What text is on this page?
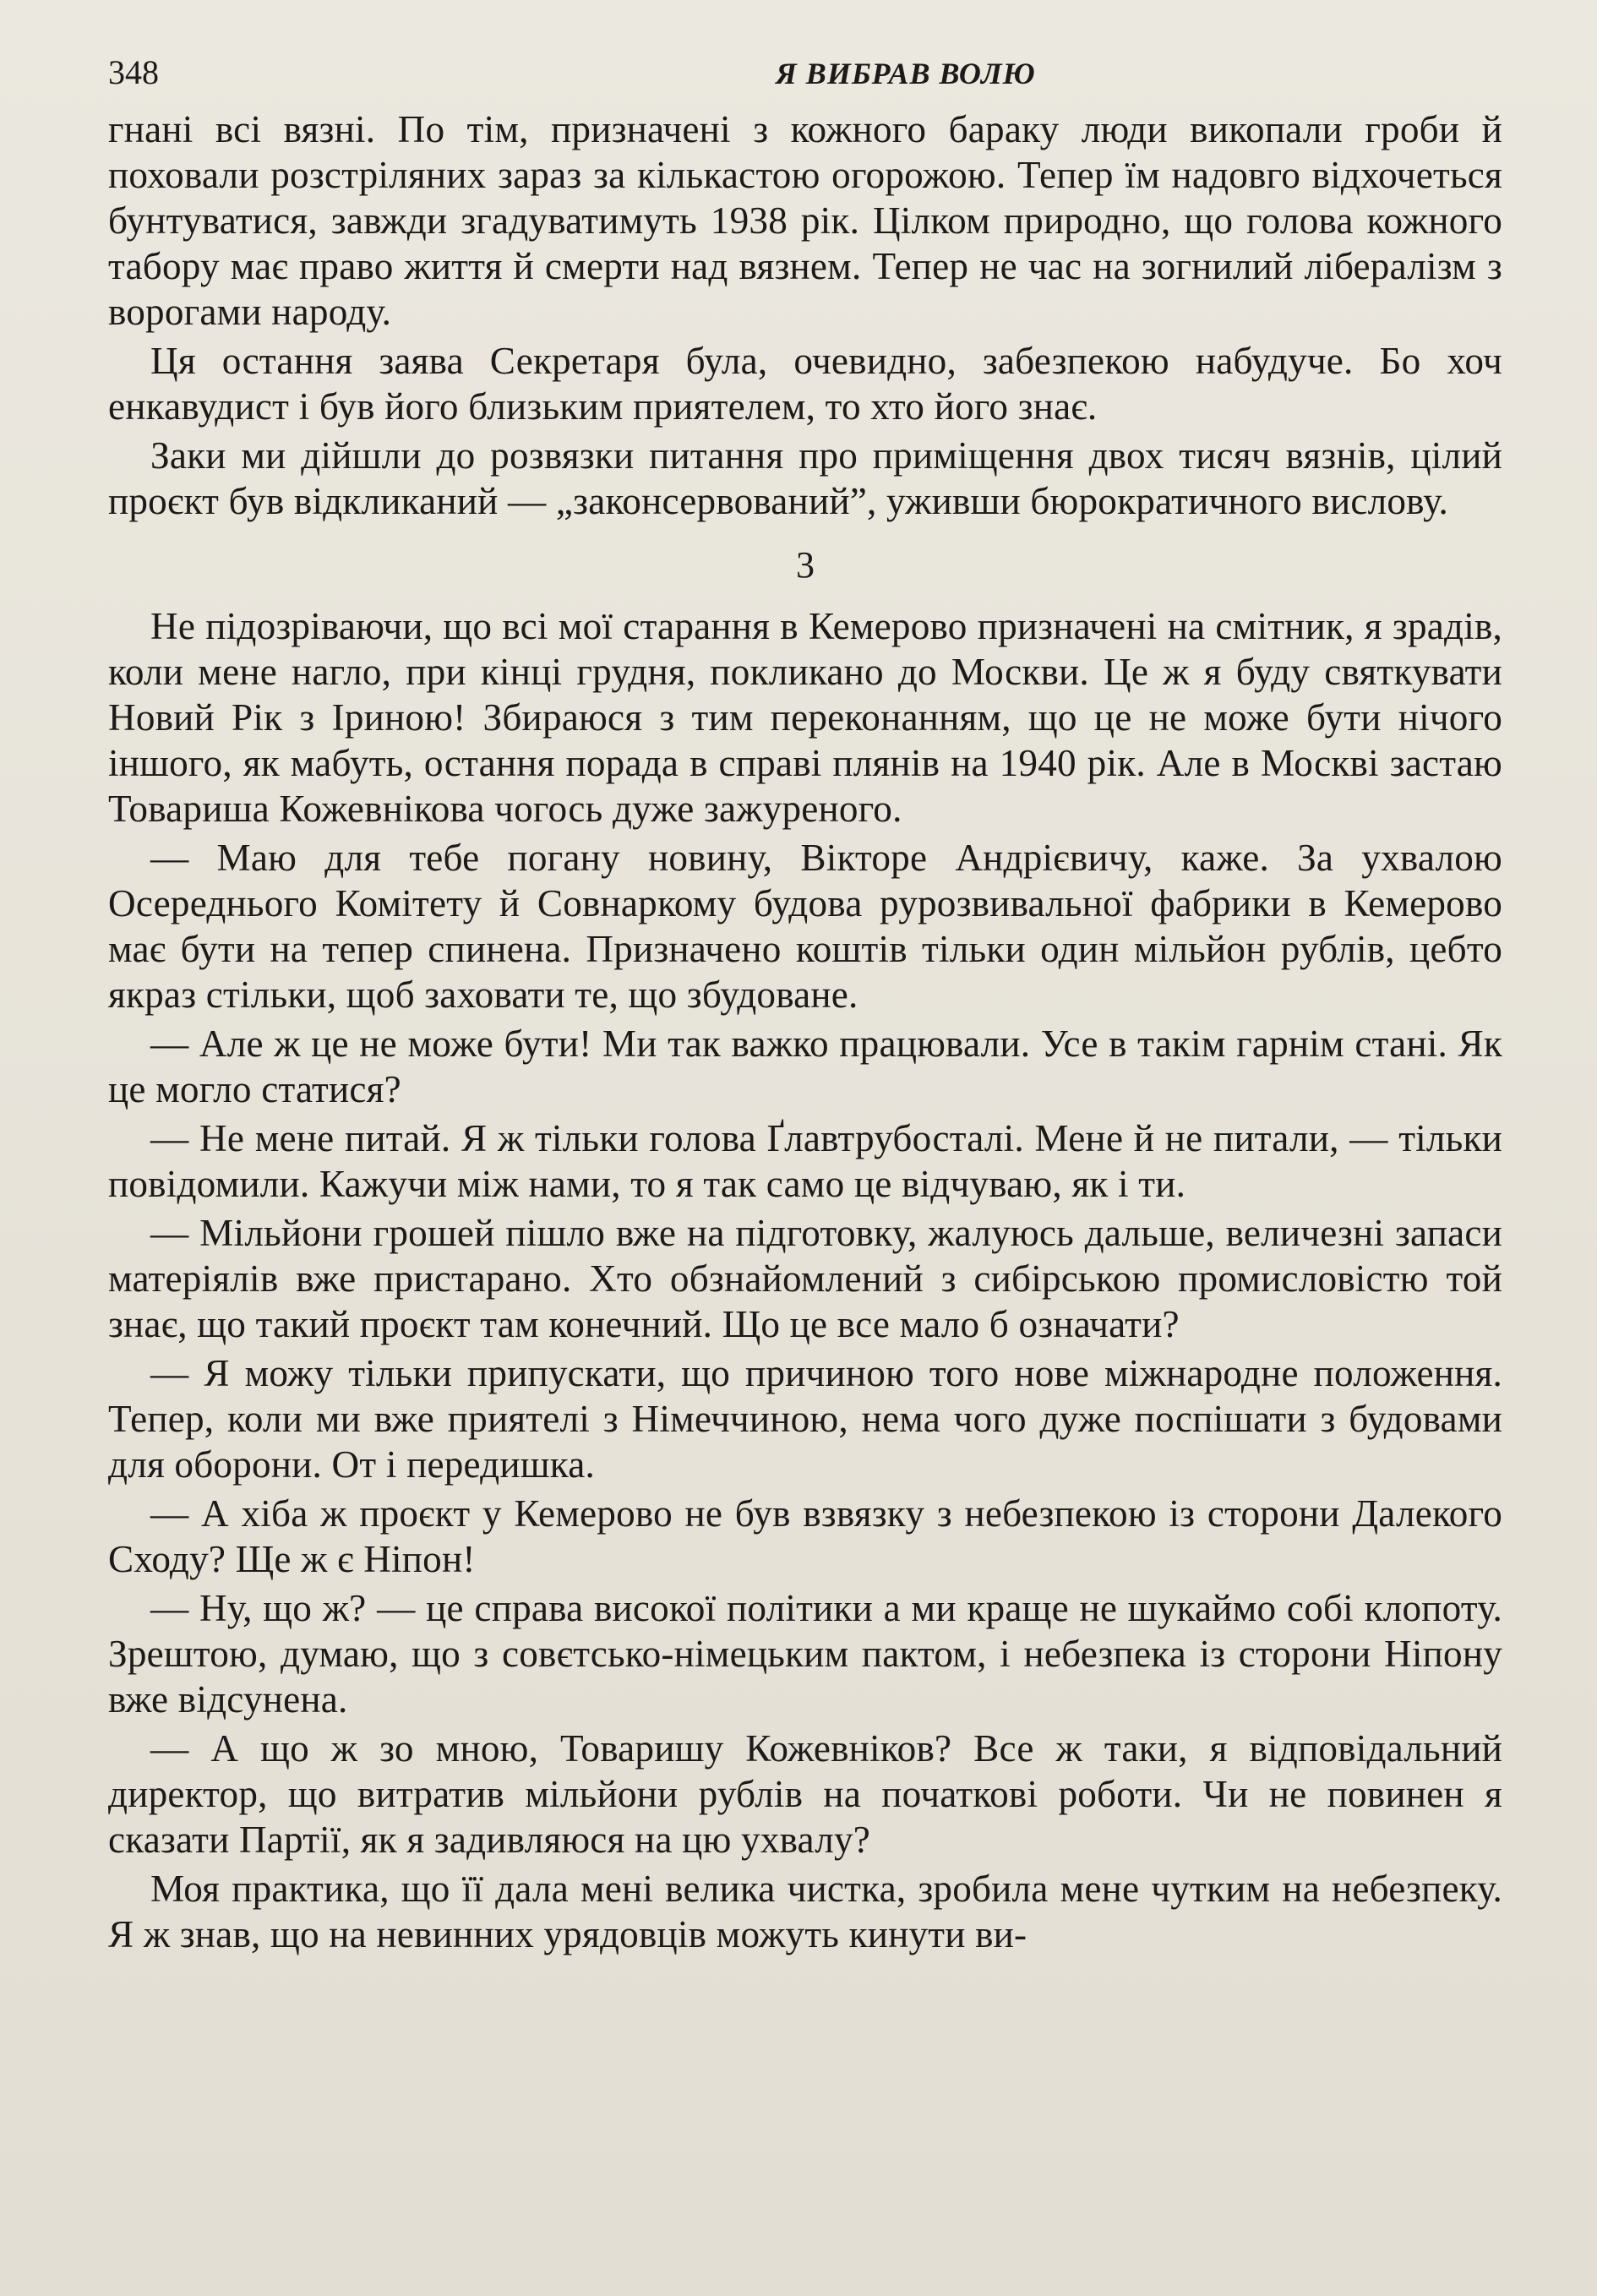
348	Я ВИБРАВ ВОЛЮ

гнані всі вязні. По тім, призначені з кожного бараку люди викопали гроби й поховали розстріляних зараз за кількастою огорожою. Тепер їм надовго відхочеться бунтуватися, завжди згадуватимуть 1938 рік. Цілком природно, що голова кожного табору має право життя й смерти над вязнем. Тепер не час на зогнилий лібералізм з ворогами народу.

Ця остання заява Секретаря була, очевидно, забезпекою набудуче. Бо хоч енкавудист і був його близьким приятелем, то хто його знає.

Заки ми дійшли до розвязки питання про приміщення двох тисяч вязнів, цілий проєкт був відкликаний — „законсервований”, уживши бюрократичного вислову.

3

Не підозріваючи, що всі мої старання в Кемерово призначені на смітник, я зрадів, коли мене нагло, при кінці грудня, покликано до Москви. Це ж я буду святкувати Новий Рік з Іриною! Збираюся з тим переконанням, що це не може бути нічого іншого, як мабуть, остання порада в справі плянів на 1940 рік. Але в Москві застаю Товариша Кожевнікова чогось дуже зажуреного.

— Маю для тебе погану новину, Вікторе Андрієвичу, каже. За ухвалою Осереднього Комітету й Совнаркому будова рурозвивальної фабрики в Кемерово має бути на тепер спинена. Призначено коштів тільки один мільйон рублів, цебто якраз стільки, щоб заховати те, що збудоване.

— Але ж це не може бути! Ми так важко працювали. Усе в такім гарнім стані. Як це могло статися?

— Не мене питай. Я ж тільки голова Ґлавтрубосталі. Мене й не питали, — тільки повідомили. Кажучи між нами, то я так само це відчуваю, як і ти.

— Мільйони грошей пішло вже на підготовку, жалуюсь дальше, величезні запаси матеріялів вже пристарано. Хто обзнайомлений з сибірською промисловістю той знає, що такий проєкт там конечний. Що це все мало б означати?

— Я можу тільки припускати, що причиною того нове міжнародне положення. Тепер, коли ми вже приятелі з Німеччиною, нема чого дуже поспішати з будовами для оборони. От і передишка.

— А хіба ж проєкт у Кемерово не був взвязку з небезпекою із сторони Далекого Сходу? Ще ж є Ніпон!

— Ну, що ж? — це справа високої політики а ми краще не шукаймо собі клопоту. Зрештою, думаю, що з совєтсько-німецьким пактом, і небезпека із сторони Ніпону вже відсунена.

— А що ж зо мною, Товаришу Кожевніков? Все ж таки, я відповідальний директор, що витратив мільйони рублів на початкові роботи. Чи не повинен я сказати Партії, як я задивляюся на цю ухвалу?

Моя практика, що її дала мені велика чистка, зробила мене чутким на небезпеку. Я ж знав, що на невинних урядовців можуть кинути ви-
